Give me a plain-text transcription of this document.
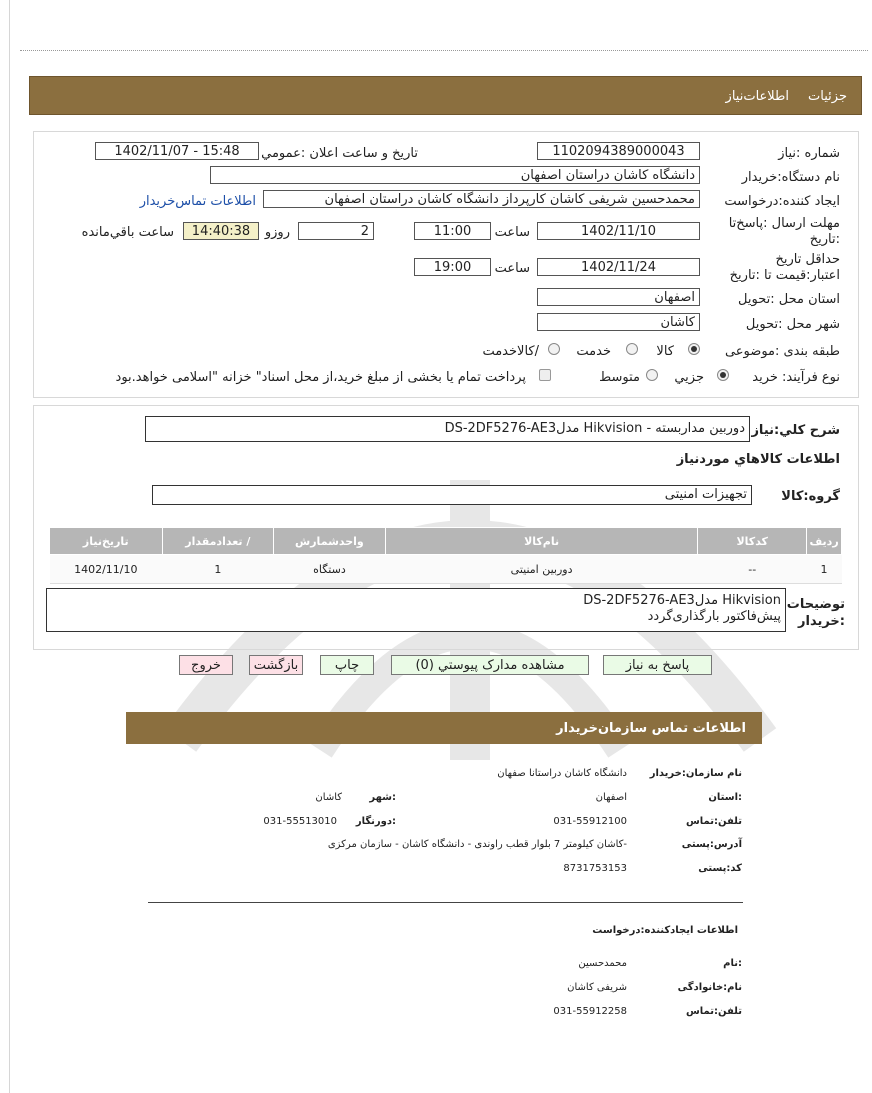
جزئیات
اطلاعات‌نیاز
شماره :نیاز
1102094389000043
تاریخ و ساعت اعلان :عمومي
1402/11/07 - 15:48
نام دستگاه:خریدار
دانشگاه کاشان دراستان اصفهان
ایجاد کننده:درخواست
محمدحسین شریفی کاشان کارپرداز دانشگاه کاشان دراستان اصفهان
اطلاعات تماس‌خریدار
مهلت ارسال :پاسخ‌تا :تاریخ
1402/11/10
ساعت
11:00
2
روزو
14:40:38
ساعت باقي‌مانده
حداقل تاریخ اعتبار:قیمت تا :تاریخ
1402/11/24
ساعت
19:00
استان محل :تحویل
اصفهان
شهر محل :تحویل
کاشان
طبقه بندی :موضوعی
کالا
خدمت
/کالاخدمت
نوع فرآیند: خرید
جزیي
متوسط
پرداخت تمام یا بخشی از مبلغ خرید،از محل اسناد" خزانه "اسلامی خواهد.بود
شرح کلي:نیاز
دوربین مداربسته - Hikvision مدلDS-2DF5276-AE3
اطلاعات کالاهاي موردنیاز
گروه:کالا
تجهیزات امنیتی
ردیف	کدکالا	نام‌کالا	واحدشمارش	/ تعدادمقدار	تاریخ‌نیاز
1	--	دوربین امنیتی	دستگاه	1	1402/11/10
توضیحات :خریدار
Hikvision مدلDS-2DF5276-AE3
پیش‌فاکتور بارگذاری‌گردد
پاسخ به نیاز
مشاهده مدارک پیوستي (0)
چاپ
بازگشت
خروج
اطلاعات تماس سازمان‌خریدار
نام سازمان:خریدار
دانشگاه کاشان دراستانا صفهان
:استان
اصفهان
:شهر
کاشان
تلفن:تماس
031-55912100
:دورنگار
031-55513010
آدرس:پستی
-کاشان کیلومتر 7 بلوار قطب راوندی - دانشگاه کاشان - سازمان مرکزی
کد:پستی
8731753153
اطلاعات ایجادکننده:درخواست
:نام
محمدحسین
نام:خانوادگی
شریفی کاشان
تلفن:تماس
031-55912258
